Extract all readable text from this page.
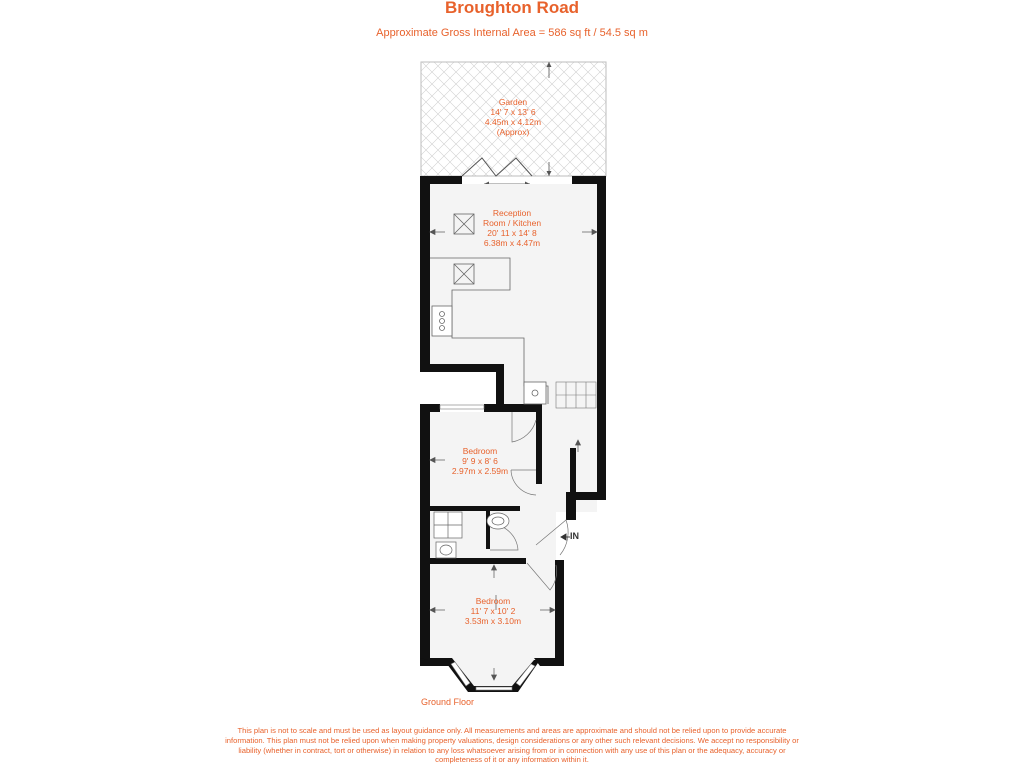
Broughton Road
Approximate Gross Internal Area = 586 sq ft / 54.5 sq m
Garden
14' 7 x 13' 6
4.45m x 4.12m
(Approx)
Reception
Room / Kitchen
20' 11 x 14' 8
6.38m x 4.47m
Bedroom
9' 9 x 8' 6
2.97m x 2.59m
Bedroom
11' 7 x 10' 2
3.53m x 3.10m
IN
Ground Floor
This plan is not to scale and must be used as layout guidance only. All measurements and areas are approximate and should not be relied upon to provide accurate information. This plan must not be relied upon when making property valuations, design considerations or any other such relevant decisions. We accept no responsibility or liability (whether in contract, tort or otherwise) in relation to any loss whatsoever arising from or in connection with any use of this plan or the adequacy, accuracy or completeness of it or any information within it.
